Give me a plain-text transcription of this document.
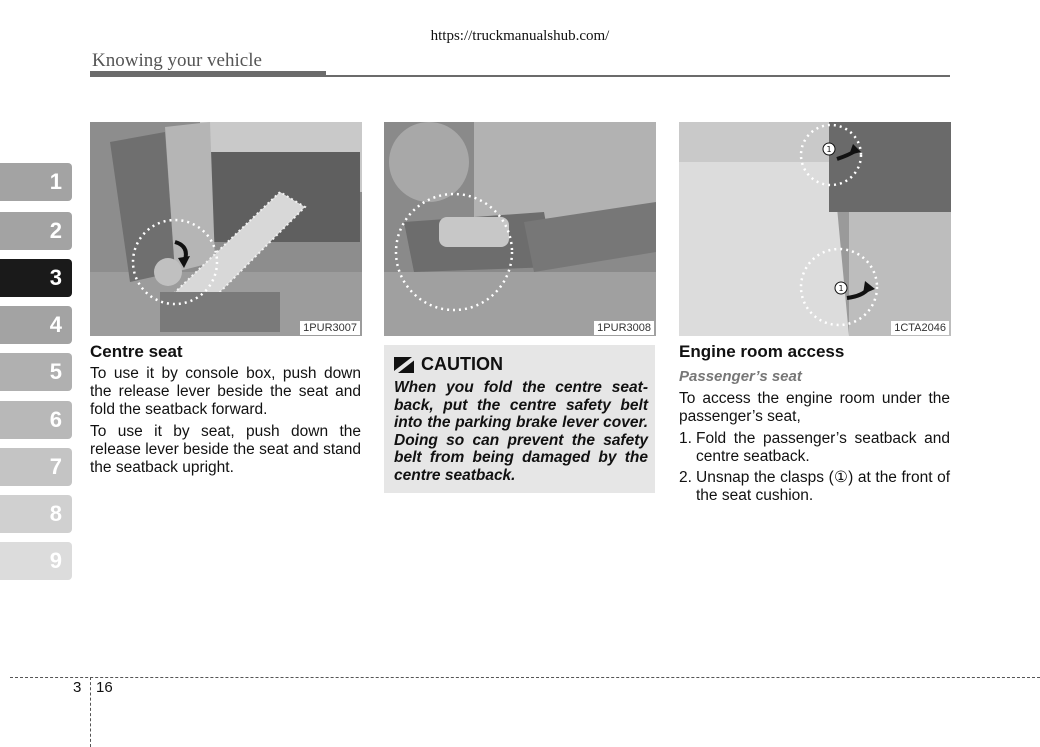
https://truckmanualshub.com/
Knowing your vehicle
1
2
3
4
5
6
7
8
9
1PUR3007	1PUR3008
1
1
1CTA2046
Centre seat

To use it by console box, push down the release lever beside the seat and fold the seatback forward.

To use it by seat, push down the release lever beside the seat and stand the seatback upright.

CAUTION
When you fold the centre seat-back, put the centre safety belt into the parking brake lever cover. Doing so can prevent the safety belt from being damaged by the centre seatback.
Engine room access
Passenger’s seat
To access the engine room under the passenger’s seat,
1. Fold the passenger’s seatback and centre seatback.
2. Unsnap the clasps (①) at the front of the seat cushion.
3 16
